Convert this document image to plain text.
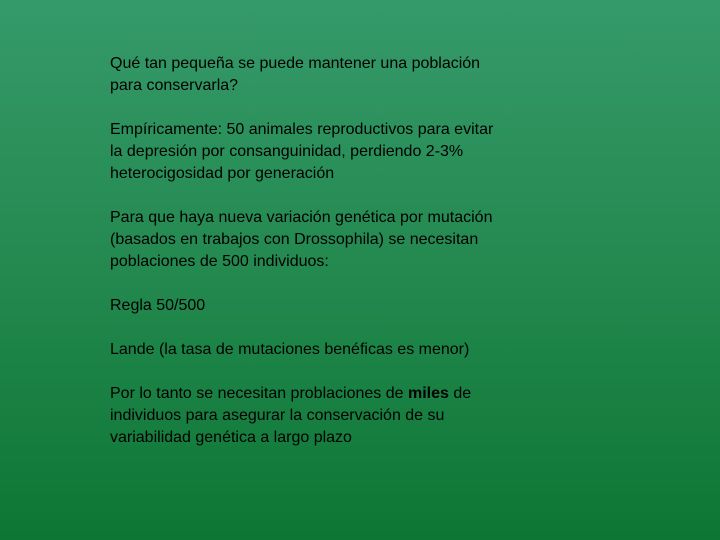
Qué tan pequeña se puede mantener una población
para conservarla?

Empíricamente: 50 animales reproductivos para evitar
la depresión por consanguinidad, perdiendo 2-3%
heterocigosidad por generación

Para que haya nueva variación genética por mutación
(basados en trabajos con Drossophila) se necesitan
poblaciones de 500 individuos:

Regla 50/500

Lande (la tasa de mutaciones benéficas es menor)

Por lo tanto se necesitan problaciones de miles de
individuos para asegurar la conservación de su
variabilidad genética a largo plazo
